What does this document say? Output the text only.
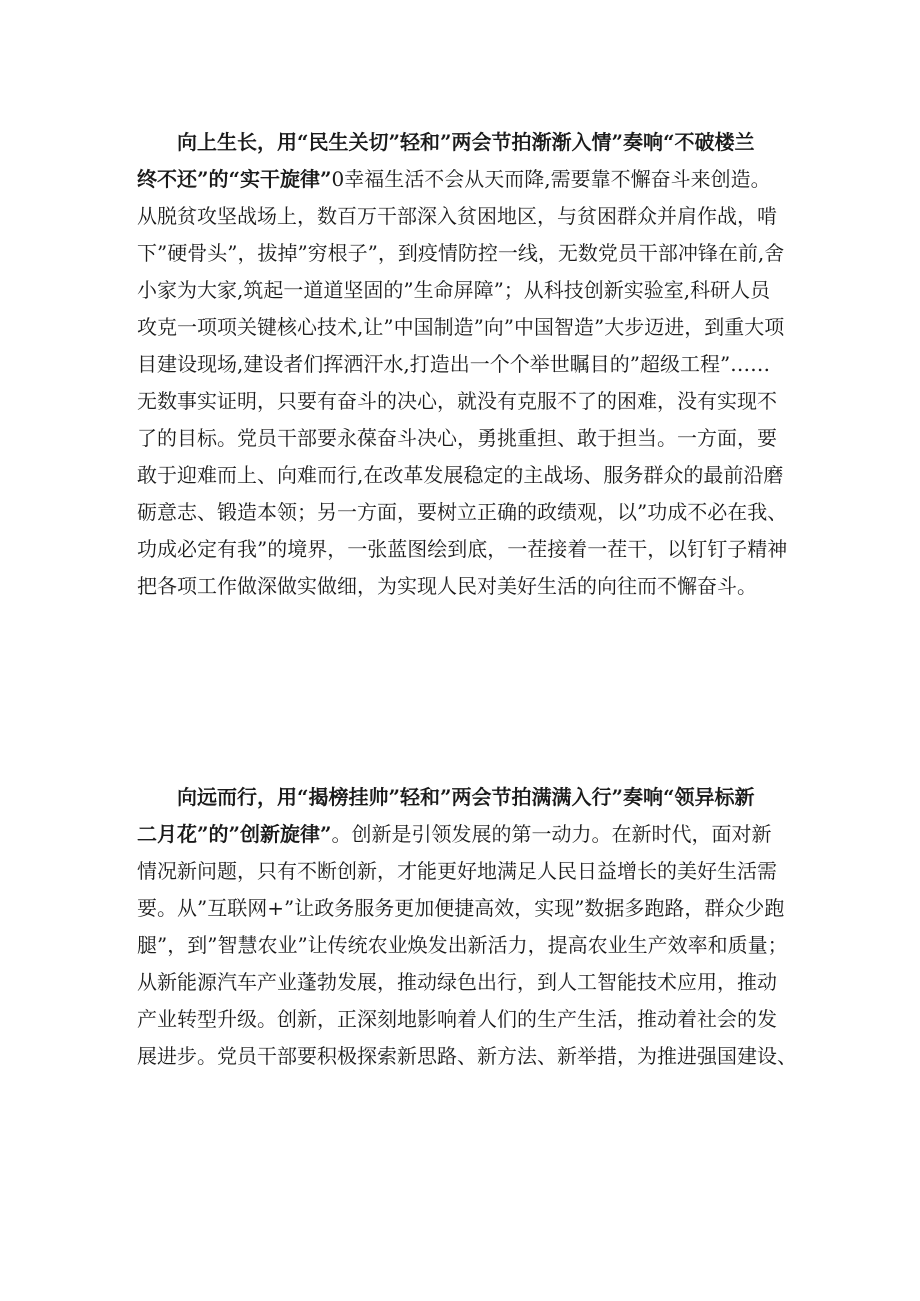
向上生长，用“民生关切”轻和”两会节拍渐渐入情”奏响“不破楼兰
终不还”的“实干旋律”0幸福生活不会从天而降,需要靠不懈奋斗来创造。
从脱贫攻坚战场上，数百万干部深入贫困地区，与贫困群众并肩作战，啃
下”硬骨头”，拔掉”穷根子”，到疫情防控一线，无数党员干部冲锋在前,舍
小家为大家,筑起一道道坚固的”生命屏障”；从科技创新实验室,科研人员
攻克一项项关键核心技术,让”中国制造”向”中国智造”大步迈进，到重大项
目建设现场,建设者们挥洒汗水,打造出一个个举世瞩目的”超级工程”……
无数事实证明，只要有奋斗的决心，就没有克服不了的困难，没有实现不
了的目标。党员干部要永葆奋斗决心，勇挑重担、敢于担当。一方面，要
敢于迎难而上、向难而行,在改革发展稳定的主战场、服务群众的最前沿磨
砺意志、锻造本领；另一方面，要树立正确的政绩观，以”功成不必在我、
功成必定有我”的境界，一张蓝图绘到底，一茬接着一茬干，以钉钉子精神
把各项工作做深做实做细，为实现人民对美好生活的向往而不懈奋斗。
向远而行，用“揭榜挂帅”轻和”两会节拍满满入行”奏响“领异标新
二月花”的”创新旋律”。创新是引领发展的第一动力。在新时代，面对新
情况新问题，只有不断创新，才能更好地满足人民日益增长的美好生活需
要。从”互联网+”让政务服务更加便捷高效，实现”数据多跑路，群众少跑
腿”，到”智慧农业”让传统农业焕发出新活力，提高农业生产效率和质量；
从新能源汽车产业蓬勃发展，推动绿色出行，到人工智能技术应用，推动
产业转型升级。创新，正深刻地影响着人们的生产生活，推动着社会的发
展进步。党员干部要积极探索新思路、新方法、新举措，为推进强国建设、
